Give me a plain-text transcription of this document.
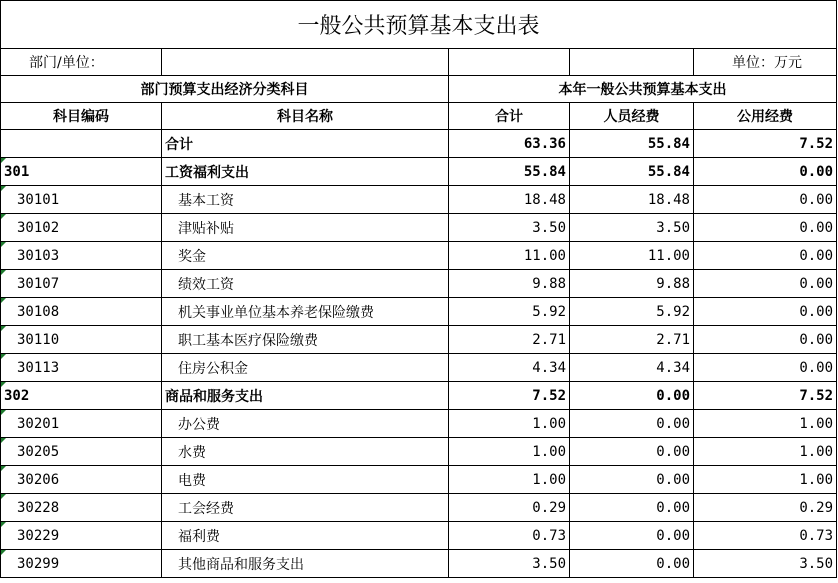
一般公共预算基本支出表				
部门/单位：				单位：万元
部门预算支出经济分类科目		本年一般公共预算基本支出		
科目编码	科目名称	合计	人员经费	公用经费
	合计	63.36	55.84	7.52

301	工资福利支出	55.84	55.84	0.00

30101	基本工资	18.48	18.48	0.00

30102	津贴补贴	3.50	3.50	0.00

30103	奖金	11.00	11.00	0.00

30107	绩效工资	9.88	9.88	0.00

30108	机关事业单位基本养老保险缴费	5.92	5.92	0.00

30110	职工基本医疗保险缴费	2.71	2.71	0.00

30113	住房公积金	4.34	4.34	0.00

302	商品和服务支出	7.52	0.00	7.52

30201	办公费	1.00	0.00	1.00

30205	水费	1.00	0.00	1.00

30206	电费	1.00	0.00	1.00

30228	工会经费	0.29	0.00	0.29

30229	福利费	0.73	0.00	0.73

30299	其他商品和服务支出	3.50	0.00	3.50
